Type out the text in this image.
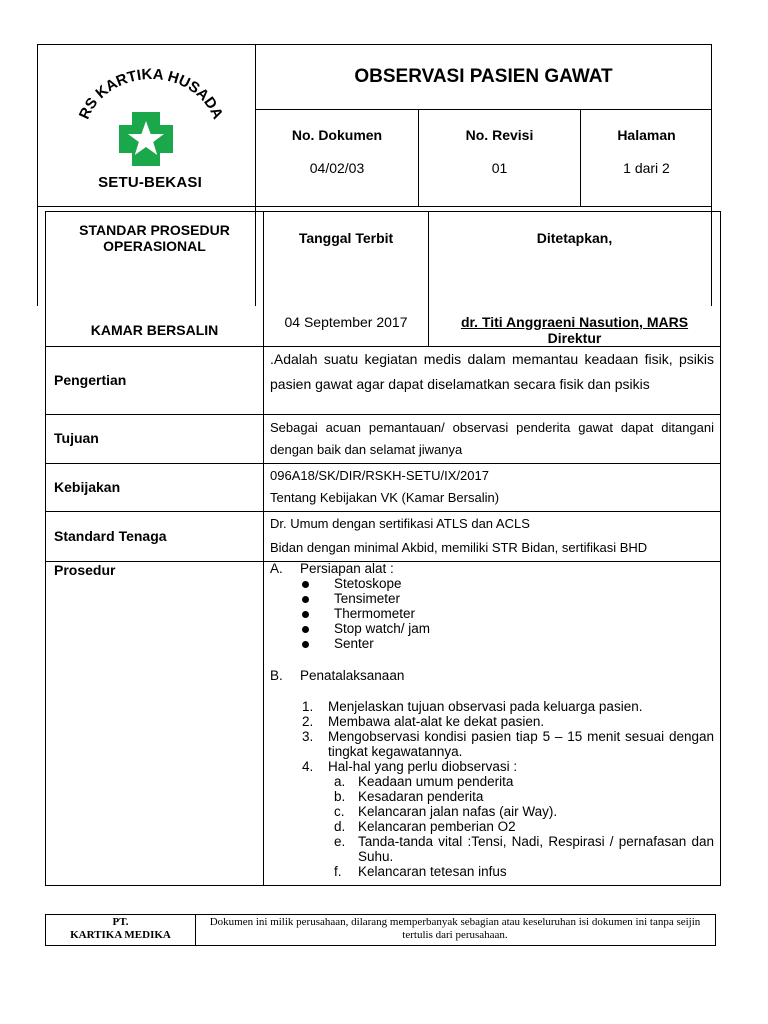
RS KARTIKA HUSADA
SETU-BEKASI
OBSERVASI PASIEN GAWAT
No. Dokumen
04/02/03
No. Revisi
01
Halaman
1 dari 2
STANDAR PROSEDUR
OPERASIONAL
KAMAR BERSALIN
Tanggal Terbit
04 September 2017
Ditetapkan,
dr. Titi Anggraeni Nasution, MARS
Direktur
Pengertian
.Adalah suatu kegiatan medis dalam memantau keadaan fisik, psikis pasien gawat agar dapat diselamatkan secara fisik dan psikis
Tujuan
Sebagai acuan pemantauan/ observasi penderita gawat dapat ditangani dengan baik dan selamat jiwanya
Kebijakan
096A18/SK/DIR/RSKH-SETU/IX/2017
Tentang Kebijakan VK (Kamar Bersalin)
Standard Tenaga
Dr. Umum dengan sertifikasi ATLS dan ACLS
Bidan dengan minimal Akbid, memiliki STR Bidan, sertifikasi BHD
Prosedur	A. Persiapan alat :
Stetoskope
Tensimeter
Thermometer
Stop watch/ jam
Senter
B. Penatalaksanaan
1. Menjelaskan tujuan observasi pada keluarga pasien.
2. Membawa alat-alat ke dekat pasien.
3. Mengobservasi kondisi pasien tiap 5 – 15 menit sesuai dengan tingkat kegawatannya.
4. Hal-hal yang perlu diobservasi :
a. Keadaan umum penderita
b. Kesadaran penderita
c. Kelancaran jalan nafas (air Way).
d. Kelancaran pemberian O2
e. Tanda-tanda vital :Tensi, Nadi, Respirasi / pernafasan dan Suhu.
f. Kelancaran tetesan infus
PT.
KARTIKA MEDIKA
Dokumen ini milik perusahaan, dilarang memperbanyak sebagian atau keseluruhan isi dokumen ini tanpa seijin tertulis dari perusahaan.
